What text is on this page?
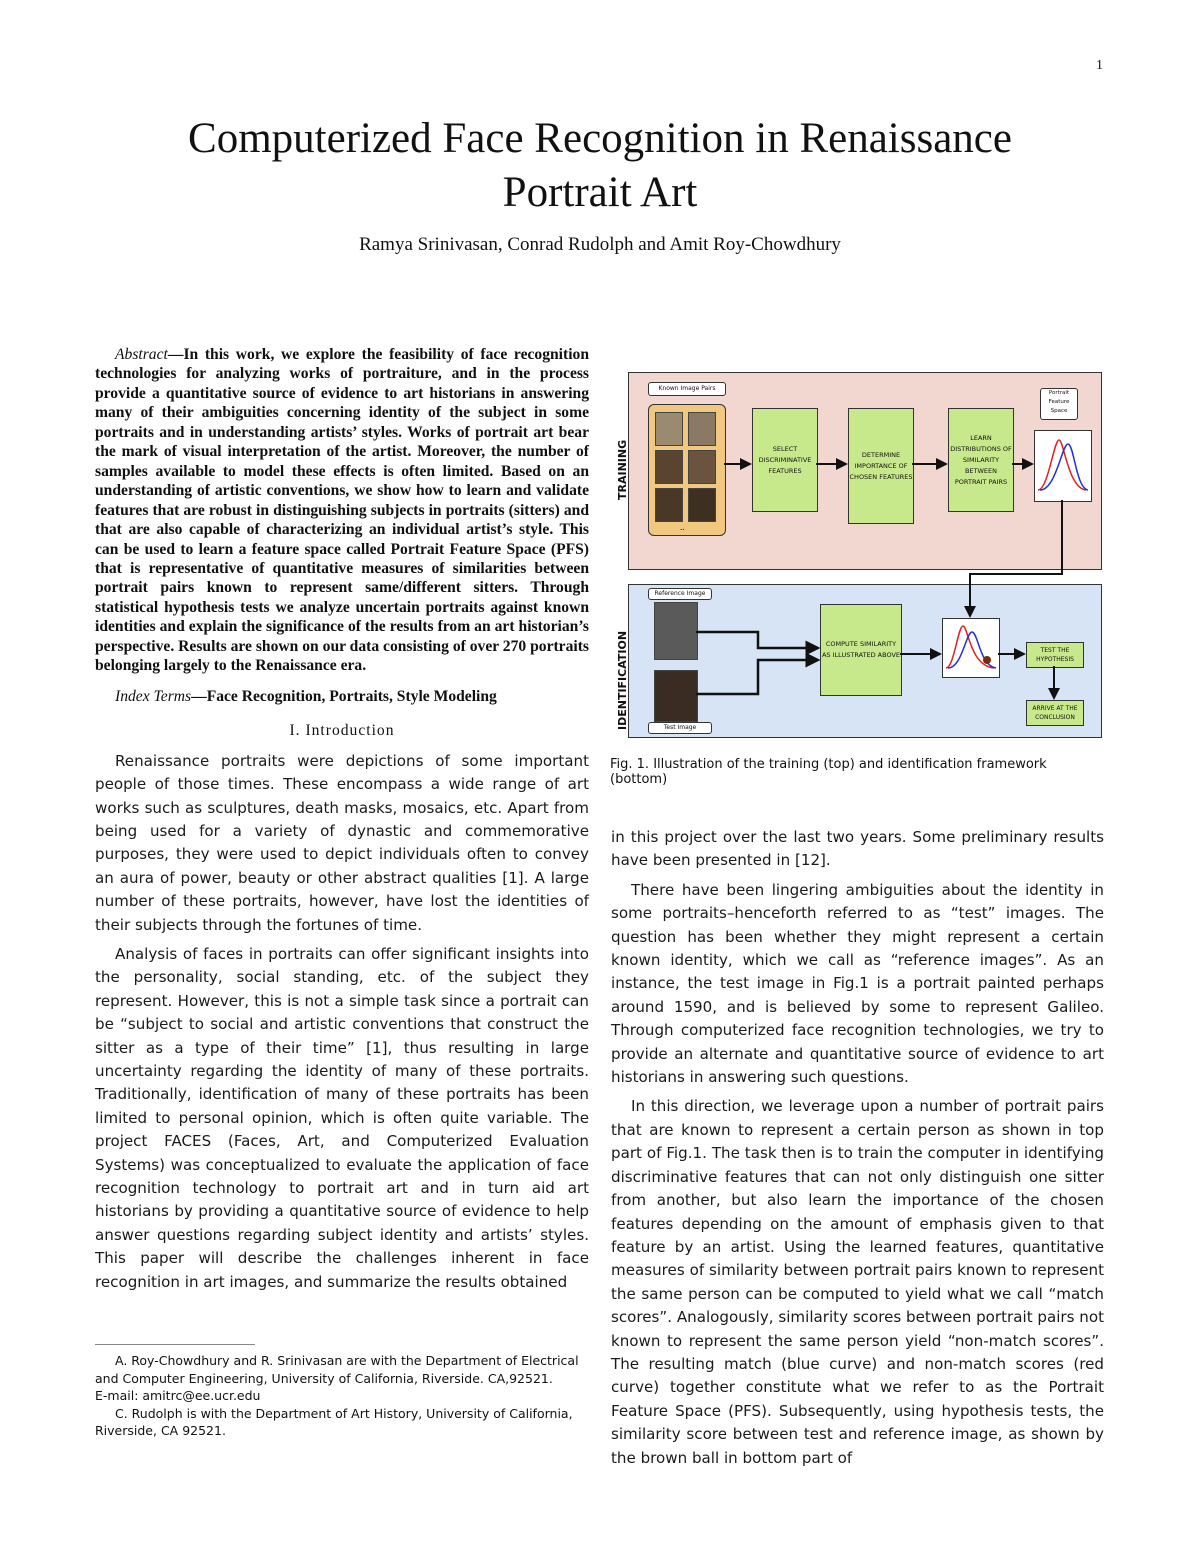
1
Computerized Face Recognition in Renaissance Portrait Art
Ramya Srinivasan, Conrad Rudolph and Amit Roy-Chowdhury

Abstract—In this work, we explore the feasibility of face recognition technologies for analyzing works of portraiture, and in the process provide a quantitative source of evidence to art historians in answering many of their ambiguities concerning identity of the subject in some portraits and in understanding artists’ styles. Works of portrait art bear the mark of visual interpretation of the artist. Moreover, the number of samples available to model these effects is often limited. Based on an understanding of artistic conventions, we show how to learn and validate features that are robust in distinguishing subjects in portraits (sitters) and that are also capable of characterizing an individual artist’s style. This can be used to learn a feature space called Portrait Feature Space (PFS) that is representative of quantitative measures of similarities between portrait pairs known to represent same/different sitters. Through statistical hypothesis tests we analyze uncertain portraits against known identities and explain the significance of the results from an art historian’s perspective. Results are shown on our data consisting of over 270 portraits belonging largely to the Renaissance era.

Index Terms—Face Recognition, Portraits, Style Modeling

I. Introduction

Renaissance portraits were depictions of some important people of those times. These encompass a wide range of art works such as sculptures, death masks, mosaics, etc. Apart from being used for a variety of dynastic and commemorative purposes, they were used to depict individuals often to convey an aura of power, beauty or other abstract qualities [1]. A large number of these portraits, however, have lost the identities of their subjects through the fortunes of time.

Analysis of faces in portraits can offer significant insights into the personality, social standing, etc. of the subject they represent. However, this is not a simple task since a portrait can be “subject to social and artistic conventions that construct the sitter as a type of their time” [1], thus resulting in large uncertainty regarding the identity of many of these portraits. Traditionally, identification of many of these portraits has been limited to personal opinion, which is often quite variable. The project FACES (Faces, Art, and Computerized Evaluation Systems) was conceptualized to evaluate the application of face recognition technology to portrait art and in turn aid art historians by providing a quantitative source of evidence to help answer questions regarding subject identity and artists’ styles. This paper will describe the challenges inherent in face recognition in art images, and summarize the results obtained

A. Roy-Chowdhury and R. Srinivasan are with the Department of Electrical and Computer Engineering, University of California, Riverside. CA,92521.

E-mail: amitrc@ee.ucr.edu

C. Rudolph is with the Department of Art History, University of California, Riverside, CA 92521.

TRAINING
Known Image Pairs
..
SELECT DISCRIMINATIVE FEATURES
DETERMINE IMPORTANCE OF CHOSEN FEATURES
LEARN DISTRIBUTIONS OF SIMILARITY BETWEEN PORTRAIT PAIRS
Portrait Feature Space
IDENTIFICATION
Reference Image
Test Image
COMPUTE SIMILARITY AS ILLUSTRATED ABOVE
TEST THE HYPOTHESIS
ARRIVE AT THE CONCLUSION
Fig. 1. Illustration of the training (top) and identification framework (bottom)

in this project over the last two years. Some preliminary results have been presented in [12].

There have been lingering ambiguities about the identity in some portraits–henceforth referred to as “test” images. The question has been whether they might represent a certain known identity, which we call as “reference images”. As an instance, the test image in Fig.1 is a portrait painted perhaps around 1590, and is believed by some to represent Galileo. Through computerized face recognition technologies, we try to provide an alternate and quantitative source of evidence to art historians in answering such questions.

In this direction, we leverage upon a number of portrait pairs that are known to represent a certain person as shown in top part of Fig.1. The task then is to train the computer in identifying discriminative features that can not only distinguish one sitter from another, but also learn the importance of the chosen features depending on the amount of emphasis given to that feature by an artist. Using the learned features, quantitative measures of similarity between portrait pairs known to represent the same person can be computed to yield what we call “match scores”. Analogously, similarity scores between portrait pairs not known to represent the same person yield “non-match scores”. The resulting match (blue curve) and non-match scores (red curve) together constitute what we refer to as the Portrait Feature Space (PFS). Subsequently, using hypothesis tests, the similarity score between test and reference image, as shown by the brown ball in bottom part of
